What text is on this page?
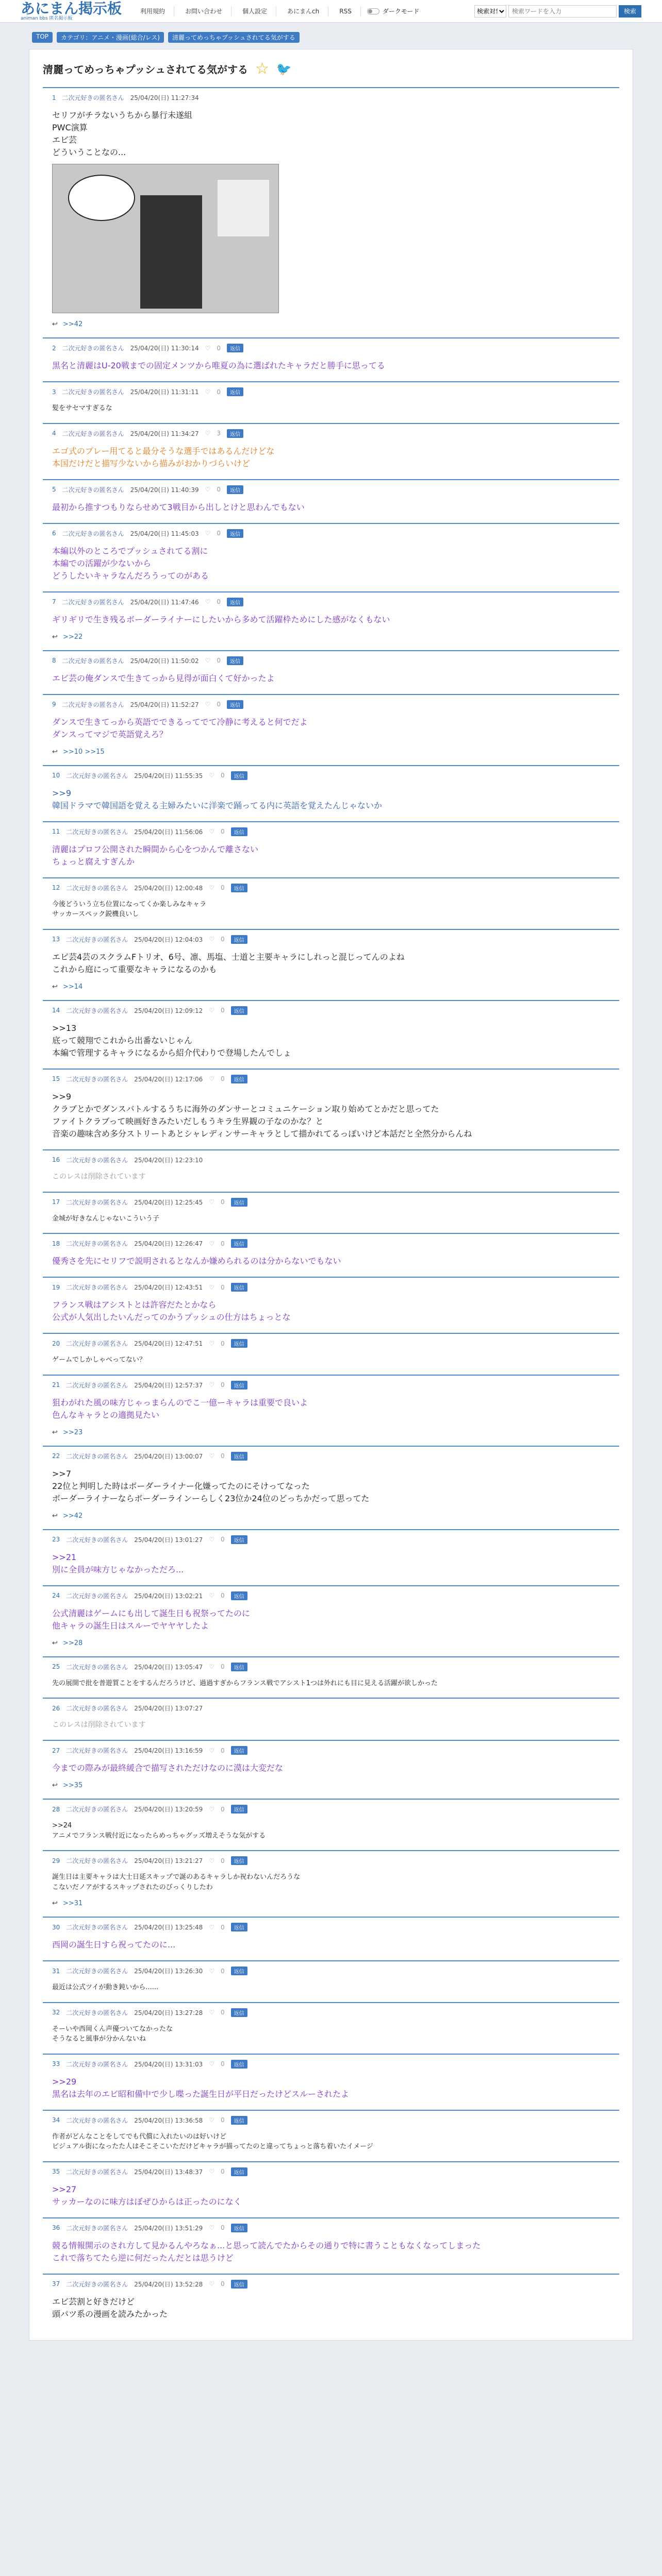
あにまん掲示板
animan bbs 匿名掲示板
利用規約	お問い合わせ	個人設定	あにまんch	RSS	ダークモード
検索対象
検索ワードを入力	検索
TOP	カテゴリ：アニメ・漫画(総合/レス)	清麗ってめっちゃプッシュされてる気がする
清麗ってめっちゃプッシュされてる気がする ☆ 🐦
1 二次元好きの匿名さん 25/04/20(日) 11:27:34
セリフがチラないうちから暴行未遂組
PWC演算
エビ芸
どういうことなの...
↩ >>42
2 二次元好きの匿名さん 25/04/20(日) 11:30:14 ♡ 0	返信
黒名と清麗はU-20戦までの固定メンツから唯夏の為に選ばれたキャラだと勝手に思ってる
3 二次元好きの匿名さん 25/04/20(日) 11:31:11 ♡ 0	返信
髪をサセマすぎるな
4 二次元好きの匿名さん 25/04/20(日) 11:34:27 ♡ 3	返信
エゴ式のプレー用てると最分そうな選手ではあるんだけどな
本国だけだと描写少ないから描みがおかりづらいけど
5 二次元好きの匿名さん 25/04/20(日) 11:40:39 ♡ 0	返信
最初から推すつもりならせめて3戦目から出しとけと思わんでもない
6 二次元好きの匿名さん 25/04/20(日) 11:45:03 ♡ 0	返信
本編以外のところでプッシュされてる割に
本編での活躍が少ないから
どうしたいキャラなんだろうってのがある
7 二次元好きの匿名さん 25/04/20(日) 11:47:46 ♡ 0	返信
ギリギリで生き残るボーダーライナーにしたいから多めて活躍枠ためにした感がなくもない
↩ >>22
8 二次元好きの匿名さん 25/04/20(日) 11:50:02 ♡ 0	返信
エビ芸の俺ダンスで生きてっから見得が面白くて好かったよ
9 二次元好きの匿名さん 25/04/20(日) 11:52:27 ♡ 0	返信
ダンスで生きてっから英語でできるってでて冷静に考えると何でだよ
ダンスってマジで英語覚えろ？
↩ >>10 >>15
10 二次元好きの匿名さん 25/04/20(日) 11:55:35 ♡ 0	返信
>>9
韓国ドラマで韓国語を覚える主婦みたいに洋楽で踊ってる内に英語を覚えたんじゃないか
11 二次元好きの匿名さん 25/04/20(日) 11:56:06 ♡ 0	返信
清麗はプロフ公開された瞬間から心をつかんで離さない
ちょっと腐えすぎんか
12 二次元好きの匿名さん 25/04/20(日) 12:00:48 ♡ 0	返信
今後どういう立ち位置になってくか楽しみなキャラ
サッカースペック鋭機良いし
13 二次元好きの匿名さん 25/04/20(日) 12:04:03 ♡ 0	返信
エピ芸4芸のスクラムFトリオ、6号、凛、馬塩、士道と主要キャラにしれっと混じってんのよね
これから庭にって重要なキャラになるのかも
↩ >>14
14 二次元好きの匿名さん 25/04/20(日) 12:09:12 ♡ 0	返信
>>13
底って競翔でこれから出番ないじゃん
本編で管理するキャラになるから紹介代わりで登場したんでしょ
15 二次元好きの匿名さん 25/04/20(日) 12:17:06 ♡ 0	返信
>>9
クラブとかでダンスバトルするうちに海外のダンサーとコミュニケーション取り始めてとかだと思ってた
ファイトクラブって映画好きみたいだしもうキラ生界観の子なのかな？と
音楽の趣味含め多分ストリートあとシャレディンサーキャラとして描かれてるっぽいけど本話だと全然分からんね
16 二次元好きの匿名さん 25/04/20(日) 12:23:10
このレスは削除されています
17 二次元好きの匿名さん 25/04/20(日) 12:25:45 ♡ 0	返信
金城が好きなんじゃないこういう子
18 二次元好きの匿名さん 25/04/20(日) 12:26:47 ♡ 0	返信
優秀さを先にセリフで説明されるとなんか嫌められるのは分からないでもない
19 二次元好きの匿名さん 25/04/20(日) 12:43:51 ♡ 0	返信
フランス戦はアシストとは許容だたとかなら
公式が人気出したいんだってのかうプッシュの仕方はちょっとな
20 二次元好きの匿名さん 25/04/20(日) 12:47:51 ♡ 0	返信
ゲームでしかしゃべってない？
21 二次元好きの匿名さん 25/04/20(日) 12:57:37 ♡ 0	返信
狙わがれた風の味方じゃっまらんのでこ一億ーキャラは重要で良いよ
色んなキャラとの適拠見たい
↩ >>23
22 二次元好きの匿名さん 25/04/20(日) 13:00:07 ♡ 0	返信
>>7
22位と判明した時はボーダーライナー化嫌ってたのにそけってなった
ボーダーライナーならボーダーラインーらしく23位か24位のどっちかだって思ってた
↩ >>42
23 二次元好きの匿名さん 25/04/20(日) 13:01:27 ♡ 0	返信
>>21
別に全員が味方じゃなかっただろ...
24 二次元好きの匿名さん 25/04/20(日) 13:02:21 ♡ 0	返信
公式清麗はゲームにも出して誕生日も祝祭ってたのに
他キャラの誕生日はスルーでヤヤヤしたよ
↩ >>28
25 二次元好きの匿名さん 25/04/20(日) 13:05:47 ♡ 0	返信
先の展開で批を普遊質ことをするんだろうけど、過過すぎからフランス戦でアシスト1つは外れにも目に見える活躍が欲しかった
26 二次元好きの匿名さん 25/04/20(日) 13:07:27
このレスは削除されています
27 二次元好きの匿名さん 25/04/20(日) 13:16:59 ♡ 0	返信
今までの際みが最終緩合で描写されただけなのに漠は大変だな
↩ >>35
28 二次元好きの匿名さん 25/04/20(日) 13:20:59 ♡ 0	返信
>>24
アニメでフランス戦付近になったらめっちゃグッズ増えそうな気がする
29 二次元好きの匿名さん 25/04/20(日) 13:21:27 ♡ 0	返信
誕生日は主要キャラは大士日延スキップで誕のあるキャラしか祝わないんだろうな
こないだノアがするスキップされたのびっくりしたわ
↩ >>31
30 二次元好きの匿名さん 25/04/20(日) 13:25:48 ♡ 0	返信
西岡の誕生日すら祝ってたのに...
31 二次元好きの匿名さん 25/04/20(日) 13:26:30 ♡ 0	返信
最近は公式ツイが動き鈍いから......
32 二次元好きの匿名さん 25/04/20(日) 13:27:28 ♡ 0	返信
そーいや西岡くん声優ついてなかったな
そうなると風事が分かんないね
33 二次元好きの匿名さん 25/04/20(日) 13:31:03 ♡ 0	返信
>>29
黒名は去年のエビ昭和備中で少し喋った誕生日が平日だったけどスルーされたよ
34 二次元好きの匿名さん 25/04/20(日) 13:36:58 ♡ 0	返信
作者がどんなことをしてでも代償に入れたいのは好いけど
ビジュアル街になったた人はそこそこいただけどキャラが描ってたのと違ってちょっと落ち着いたイメージ
35 二次元好きの匿名さん 25/04/20(日) 13:48:37 ♡ 0	返信
>>27
サッカーなのに味方はぼぜひからは正ったのになく
36 二次元好きの匿名さん 25/04/20(日) 13:51:29 ♡ 0	返信
競る情報開示のされ方して見かるんやろなぁ...と思って読んでたからその通りで特に書うこともなくなってしまった
これで落ちてたら逆に何だったんだとは思うけど
37 二次元好きの匿名さん 25/04/20(日) 13:52:28 ♡ 0	返信
エビ芸割と好きだけど
頭パツ系の漫画を読みたかった
